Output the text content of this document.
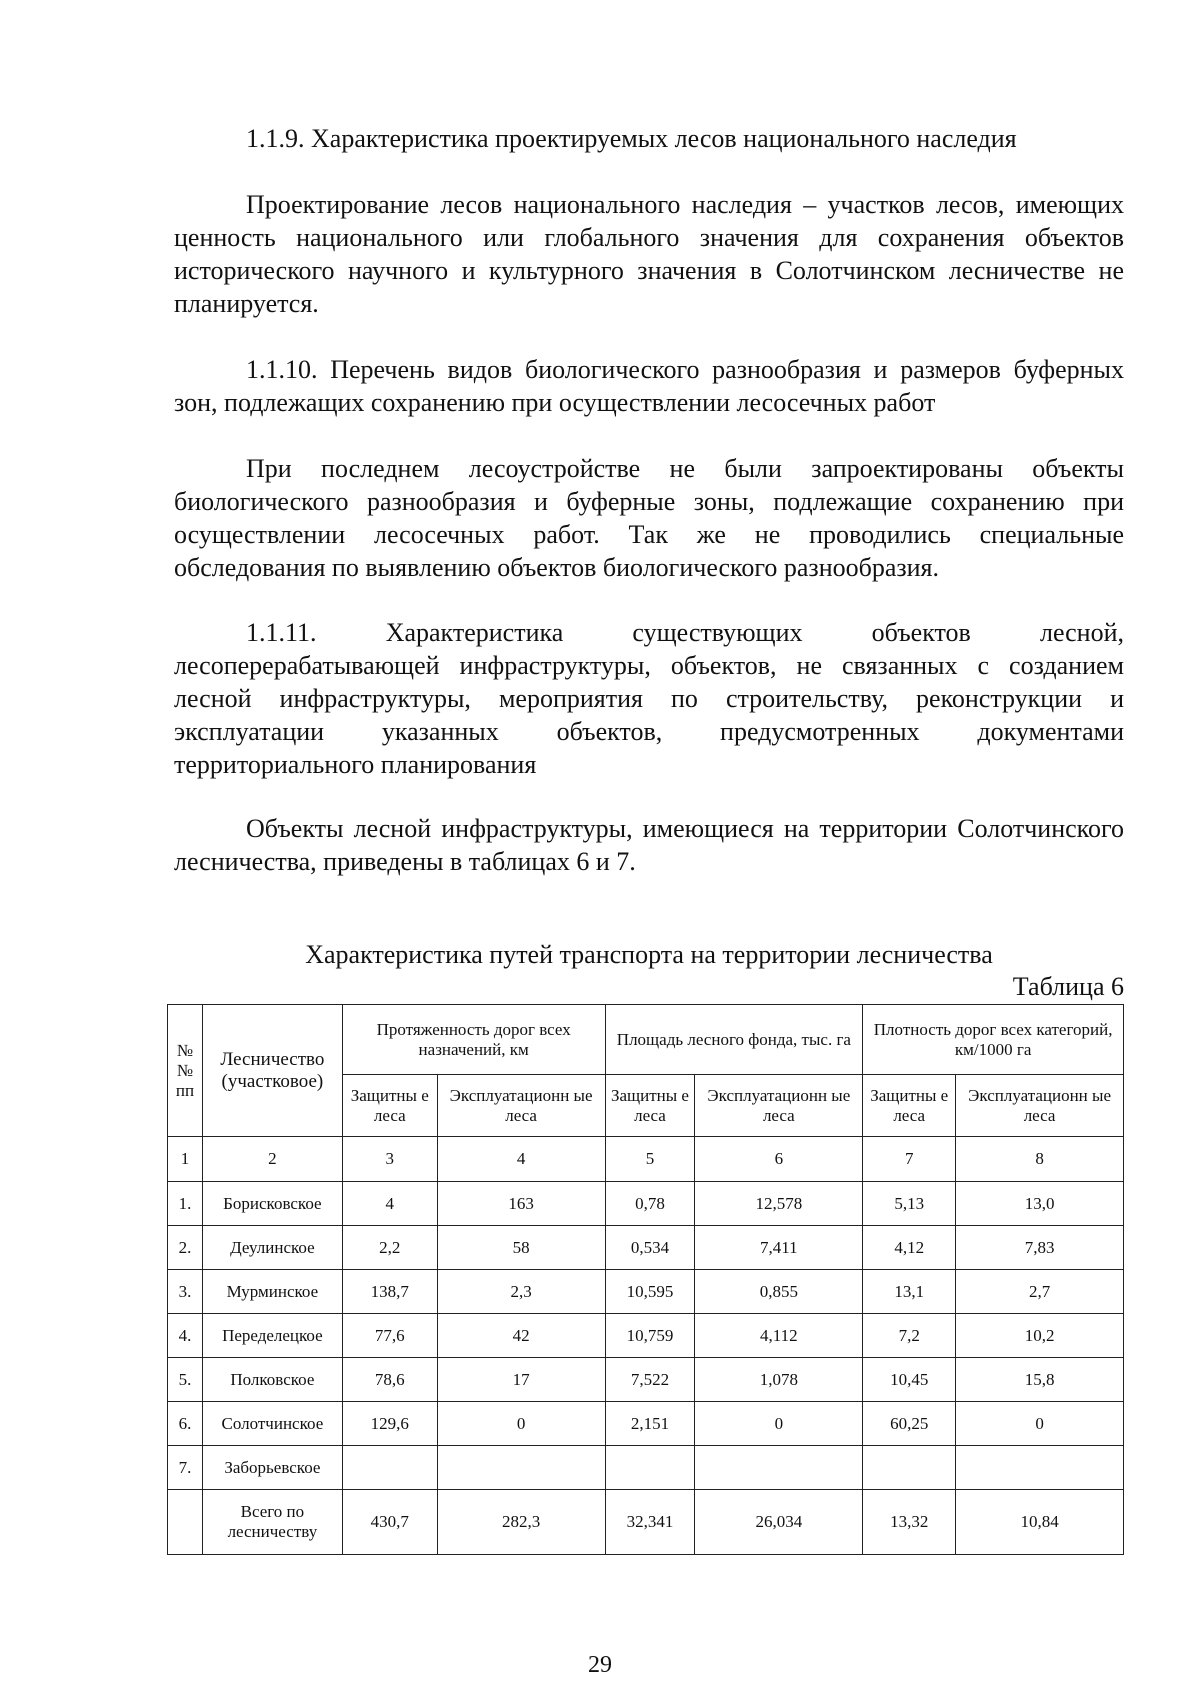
1.1.9. Характеристика проектируемых лесов национального наследия
Проектирование лесов национального наследия – участков лесов, имеющих ценность национального или глобального значения для сохранения объектов исторического научного и культурного значения в Солотчинском лесничестве не планируется.
1.1.10. Перечень видов биологического разнообразия и размеров буферных зон, подлежащих сохранению при осуществлении лесосечных работ
При последнем лесоустройстве не были запроектированы объекты биологического разнообразия и буферные зоны, подлежащие сохранению при осуществлении лесосечных работ. Так же не проводились специальные обследования по выявлению объектов биологического разнообразия.
1.1.11. Характеристика существующих объектов лесной, лесоперерабатывающей инфраструктуры, объектов, не связанных с созданием лесной инфраструктуры, мероприятия по строительству, реконструкции и эксплуатации указанных объектов, предусмотренных документами территориального планирования
Объекты лесной инфраструктуры, имеющиеся на территории Солотчинского лесничества, приведены в таблицах 6 и 7.
Характеристика путей транспорта на территории лесничества
Таблица 6
№ № пп	Лесничество (участковое)	Протяженность дорог всех назначений, км		Площадь лесного фонда, тыс. га		Плотность дорог всех категорий, км/1000 га	
		Защитны е леса	Эксплуатационн ые леса	Защитны е леса	Эксплуатационн ые леса	Защитны е леса	Эксплуатационн ые леса
1	2	3	4	5	6	7	8
1.	Борисковское	4	163	0,78	12,578	5,13	13,0
2.	Деулинское	2,2	58	0,534	7,411	4,12	7,83
3.	Мурминское	138,7	2,3	10,595	0,855	13,1	2,7
4.	Переделецкое	77,6	42	10,759	4,112	7,2	10,2
5.	Полковское	78,6	17	7,522	1,078	10,45	15,8
6.	Солотчинское	129,6	0	2,151	0	60,25	0
7.	Заборьевское						
	Всего по лесничеству	430,7	282,3	32,341	26,034	13,32	10,84
29
